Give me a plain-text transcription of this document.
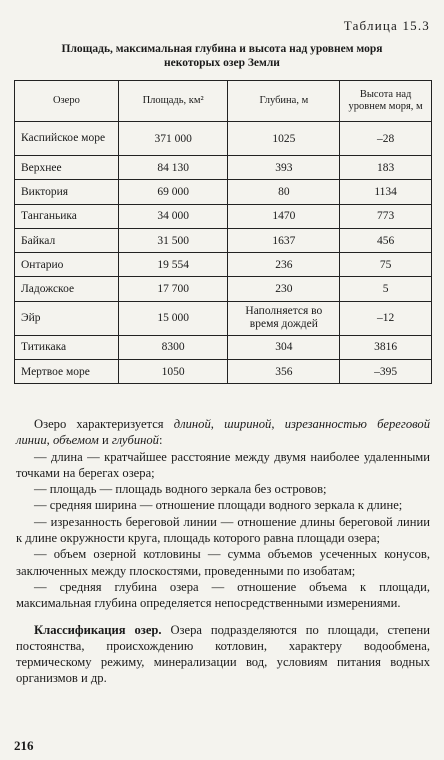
Таблица 15.3
Площадь, максимальная глубина и высота над уровнем моря
некоторых озер Земли
Озеро	Площадь, км²	Глубина, м	Высота над уровнем моря, м
Каспийское море	371 000	1025	–28
Верхнее	84 130	393	183
Виктория	69 000	80	1134
Танганьика	34 000	1470	773
Байкал	31 500	1637	456
Онтарио	19 554	236	75
Ладожское	17 700	230	5
Эйр	15 000	Наполняется во время дождей	–12
Титикака	8300	304	3816
Мертвое море	1050	356	–395

Озеро характеризуется длиной, шириной, изрезанностью береговой линии, объемом и глубиной:

— длина — кратчайшее расстояние между двумя наиболее удаленными точками на берегах озера;

— площадь — площадь водного зеркала без островов;

— средняя ширина — отношение площади водного зеркала к длине;

— изрезанность береговой линии — отношение длины береговой линии к длине окружности круга, площадь которого равна площади озера;

— объем озерной котловины — сумма объемов усеченных конусов, заключенных между плоскостями, проведенными по изобатам;

— средняя глубина озера — отношение объема к площади, максимальная глубина определяется непосредственными измерениями.

Классификация озер. Озера подразделяются по площади, степени постоянства, происхождению котловин, характеру водообмена, термическому режиму, минерализации вод, условиям питания водных организмов и др.

216
